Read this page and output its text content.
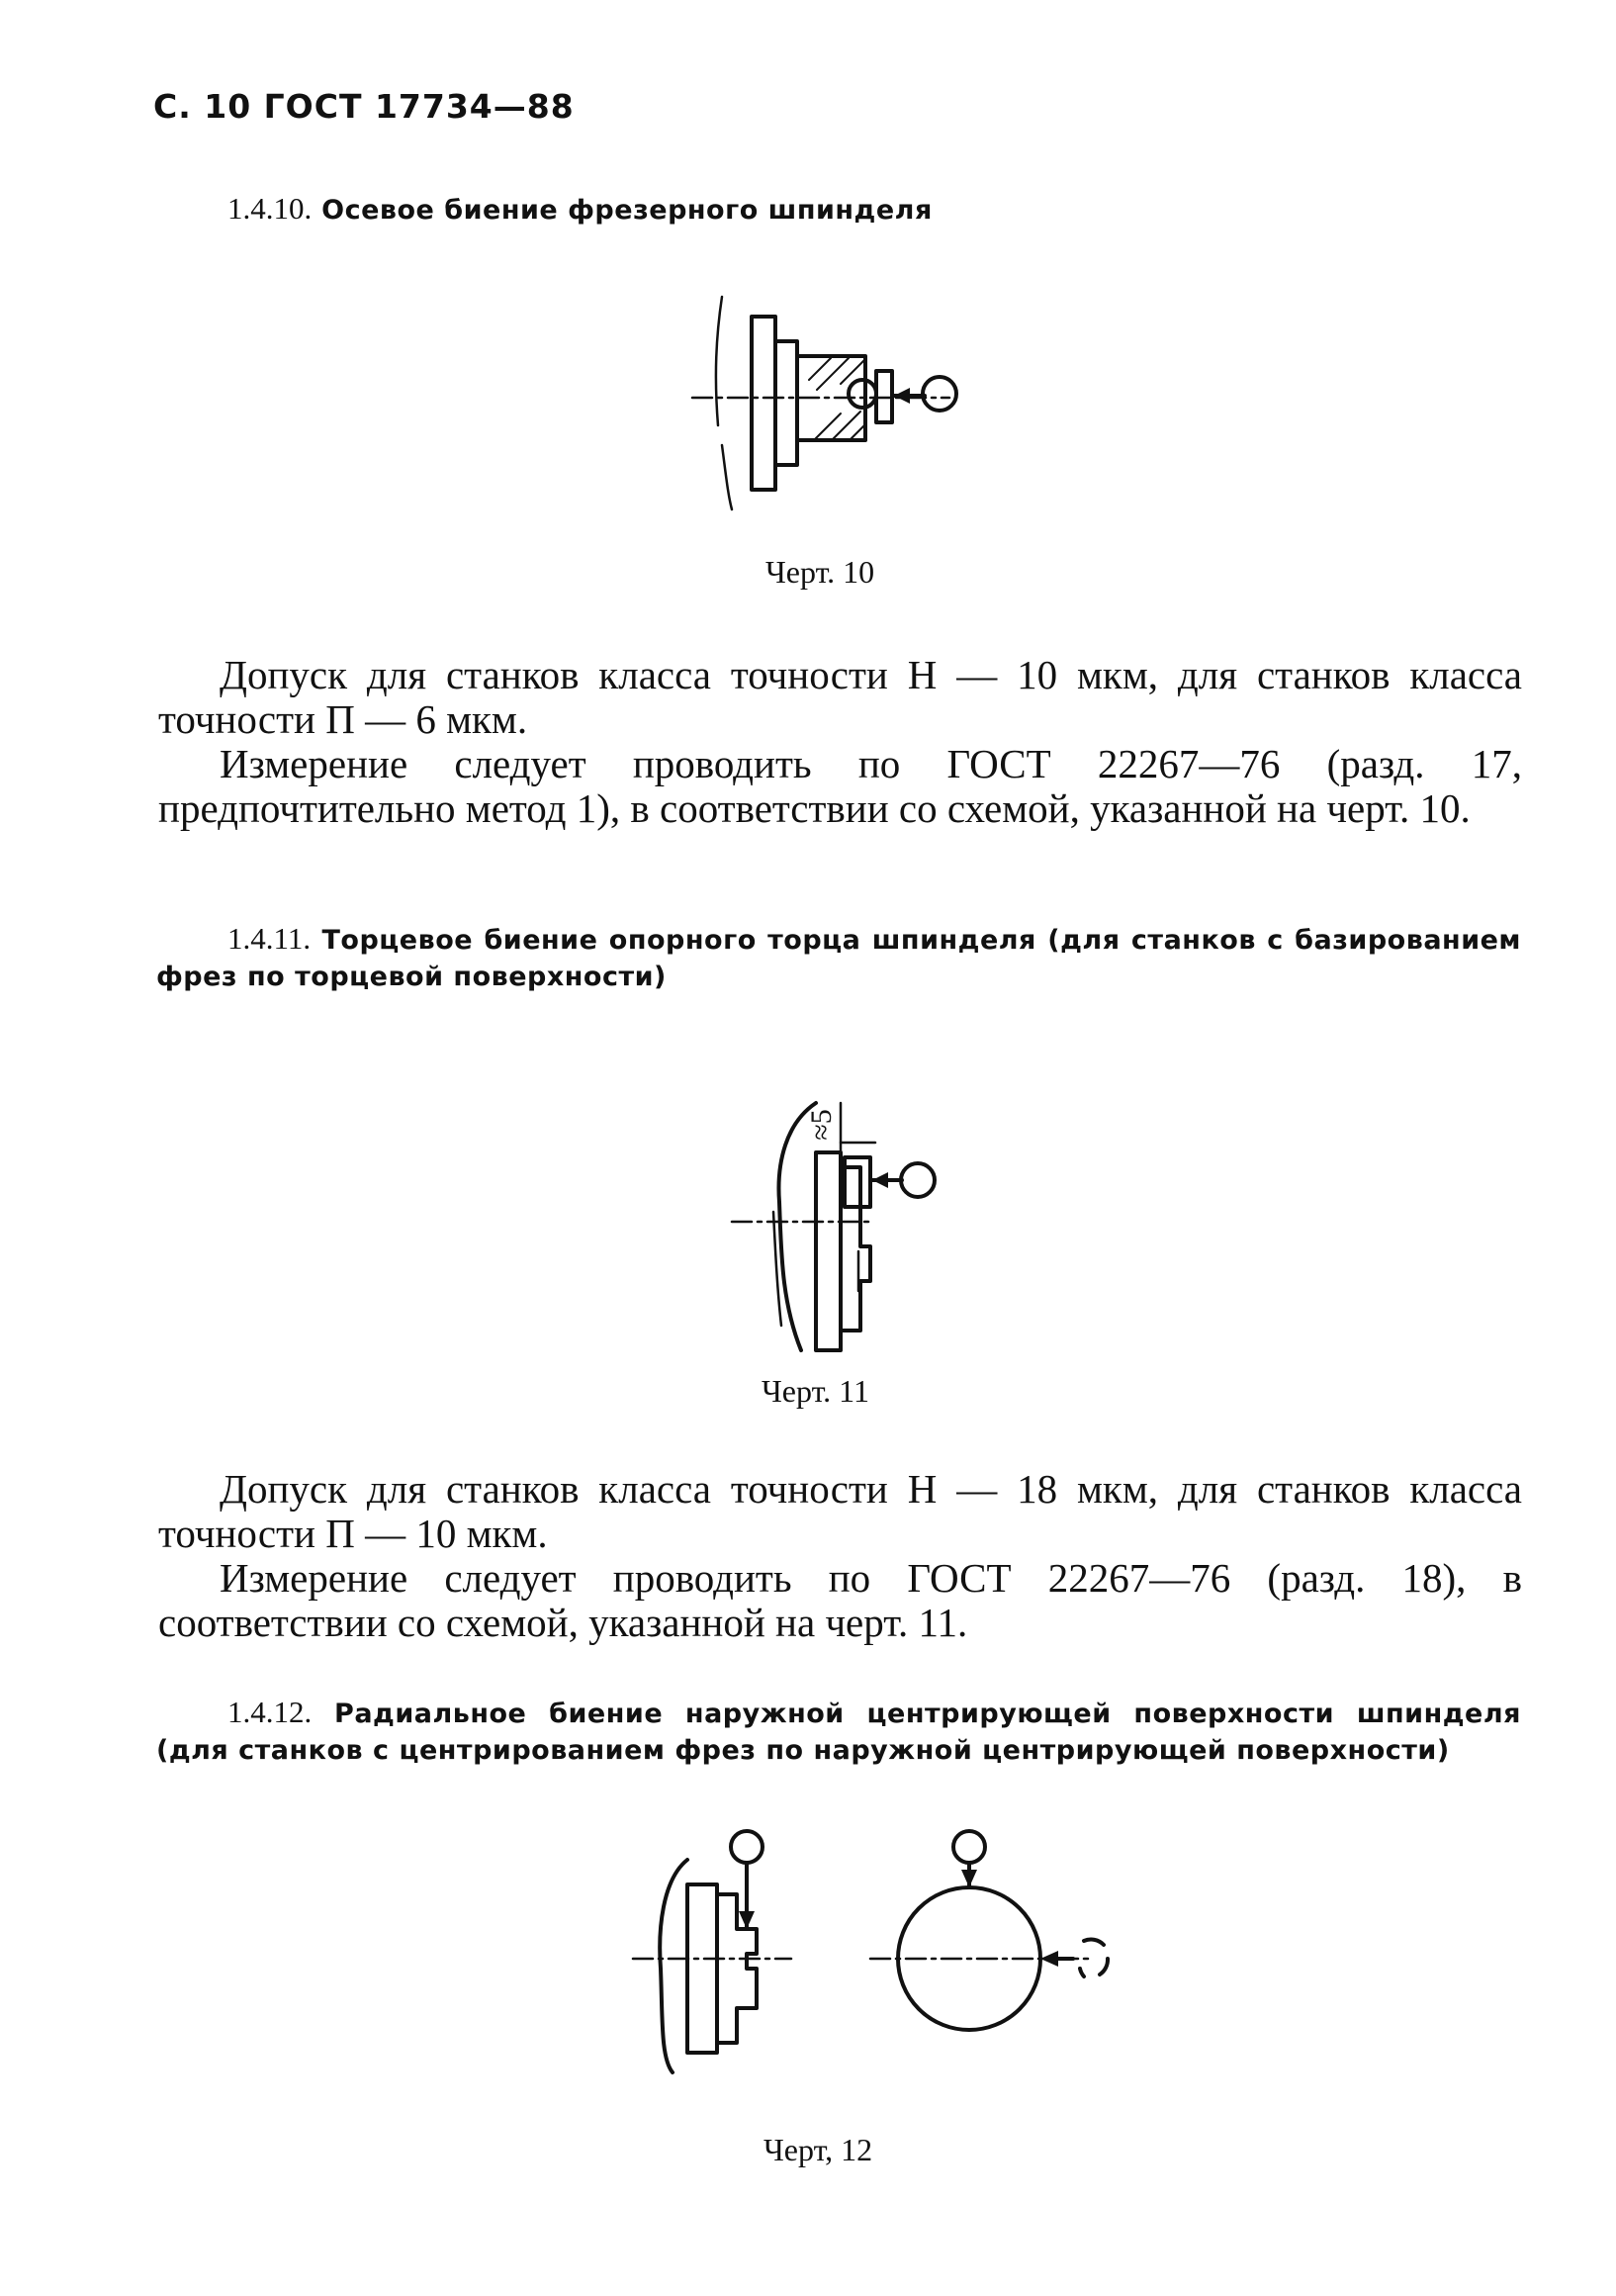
С. 10 ГОСТ 17734—88
1.4.10. Осевое биение фрезерного шпинделя
Черт. 10

Допуск для станков класса точности Н — 10 мкм, для станков класса точности П — 6 мкм.

Измерение следует проводить по ГОСТ 22267—76 (разд. 17, предпочтительно метод 1), в соответствии со схемой, указанной на черт. 10.

1.4.11. Торцевое биение опорного торца шпинделя (для станков с базированием фрез по торцевой поверхности)
≈5
Черт. 11

Допуск для станков класса точности Н — 18 мкм, для станков класса точности П — 10 мкм.

Измерение следует проводить по ГОСТ 22267—76 (разд. 18), в соответствии со схемой, указанной на черт. 11.

1.4.12. Радиальное биение наружной центрирующей поверхности шпинделя (для станков с центрированием фрез по наружной центрирующей поверхности)
Черт, 12
